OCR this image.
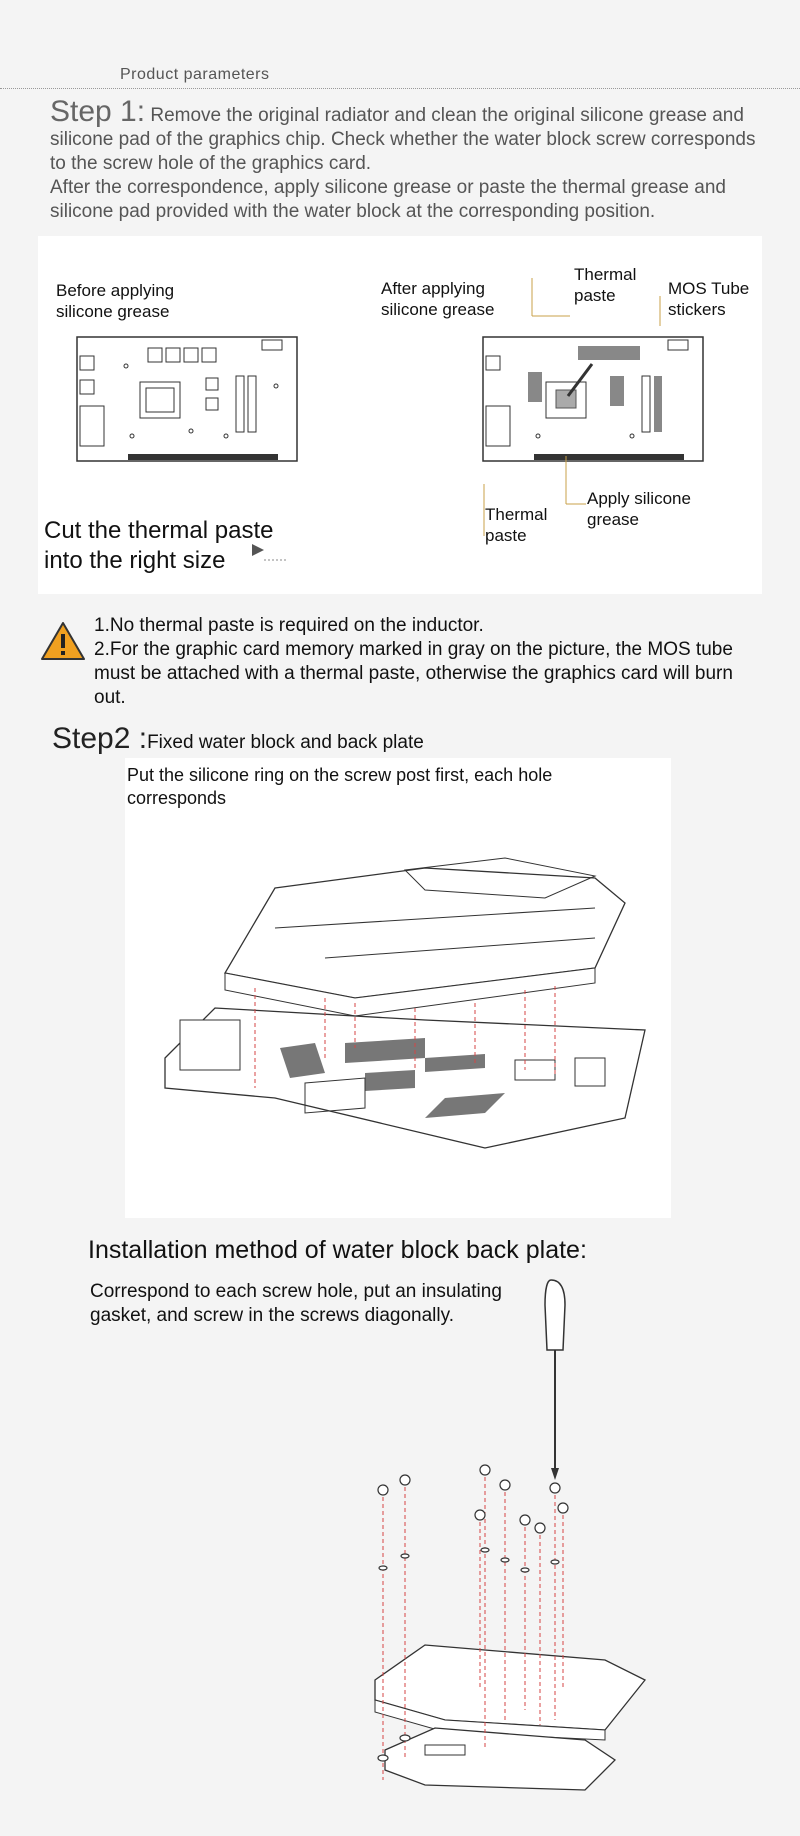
Product parameters

Step 1: Remove the original radiator and clean the original silicone grease and silicone pad of the graphics chip. Check whether the water block screw corresponds to the screw hole of the graphics card.

After the correspondence, apply silicone grease or paste the thermal grease and silicone pad provided with the water block at the corresponding position.

Before applying silicone grease
After applying silicone grease
Thermal paste	MOS Tube stickers
Thermal paste
Apply silicone grease
Cut the thermal paste into the right size

1.No thermal paste is required on the inductor.

2.For the graphic card memory marked in gray on the picture, the MOS tube must be attached with a thermal paste, otherwise the graphics card will burn out.

Step2 :Fixed water block and back plate
Put the silicone ring on the screw post first, each hole corresponds
Installation method of water block back plate:
Correspond to each screw hole, put an insulating gasket, and screw in the screws diagonally.
